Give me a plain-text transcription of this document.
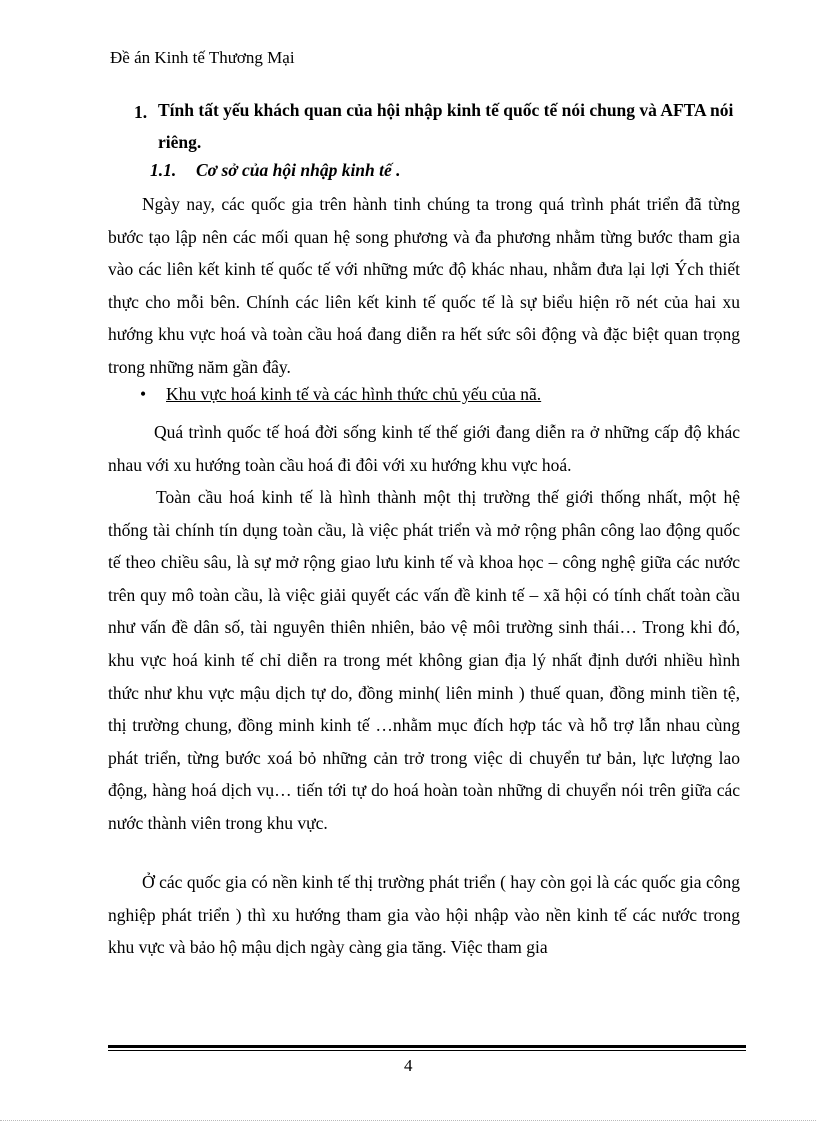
Đề án Kinh tế Thương Mại
1. Tính tất yếu khách quan của hội nhập kinh tế quốc tế nói chung và AFTA nói riêng.
1.1. Cơ sở của hội nhập kinh tế .

Ngày nay, các quốc gia trên hành tinh chúng ta trong quá trình phát triển đã từng bước tạo lập nên các mối quan hệ song phương và đa phương nhằm từng bước tham gia vào các liên kết kinh tế quốc tế với những mức độ khác nhau, nhằm đưa lại lợi Ých thiết thực cho mỗi bên. Chính các liên kết kinh tế quốc tế là sự biểu hiện rõ nét của hai xu hướng khu vực hoá và toàn cầu hoá đang diễn ra hết sức sôi động và đặc biệt quan trọng trong những năm gần đây.

• Khu vực hoá kinh tế và các hình thức chủ yếu của nã.

Quá trình quốc tế hoá đời sống kinh tế thế giới đang diễn ra ở những cấp độ khác nhau với xu hướng toàn cầu hoá đi đôi với xu hướng khu vực hoá.

Toàn cầu hoá kinh tế là hình thành một thị trường thế giới thống nhất, một hệ thống tài chính tín dụng toàn cầu, là việc phát triển và mở rộng phân công lao động quốc tế theo chiều sâu, là sự mở rộng giao lưu kinh tế và khoa học – công nghệ giữa các nước trên quy mô toàn cầu, là việc giải quyết các vấn đề kinh tế – xã hội có tính chất toàn cầu như vấn đề dân số, tài nguyên thiên nhiên, bảo vệ môi trường sinh thái… Trong khi đó, khu vực hoá kinh tế chỉ diễn ra trong mét không gian địa lý nhất định dưới nhiều hình thức như khu vực mậu dịch tự do, đồng minh( liên minh ) thuế quan, đồng minh tiền tệ, thị trường chung, đồng minh kinh tế …nhằm mục đích hợp tác và hỗ trợ lẫn nhau cùng phát triển, từng bước xoá bỏ những cản trở trong việc di chuyển tư bản, lực lượng lao động, hàng hoá dịch vụ… tiến tới tự do hoá hoàn toàn những di chuyển nói trên giữa các nước thành viên trong khu vực.

Ở các quốc gia có nền kinh tế thị trường phát triển ( hay còn gọi là các quốc gia công nghiệp phát triển ) thì xu hướng tham gia vào hội nhập vào nền kinh tế các nước trong khu vực và bảo hộ mậu dịch ngày càng gia tăng. Việc tham gia

4
